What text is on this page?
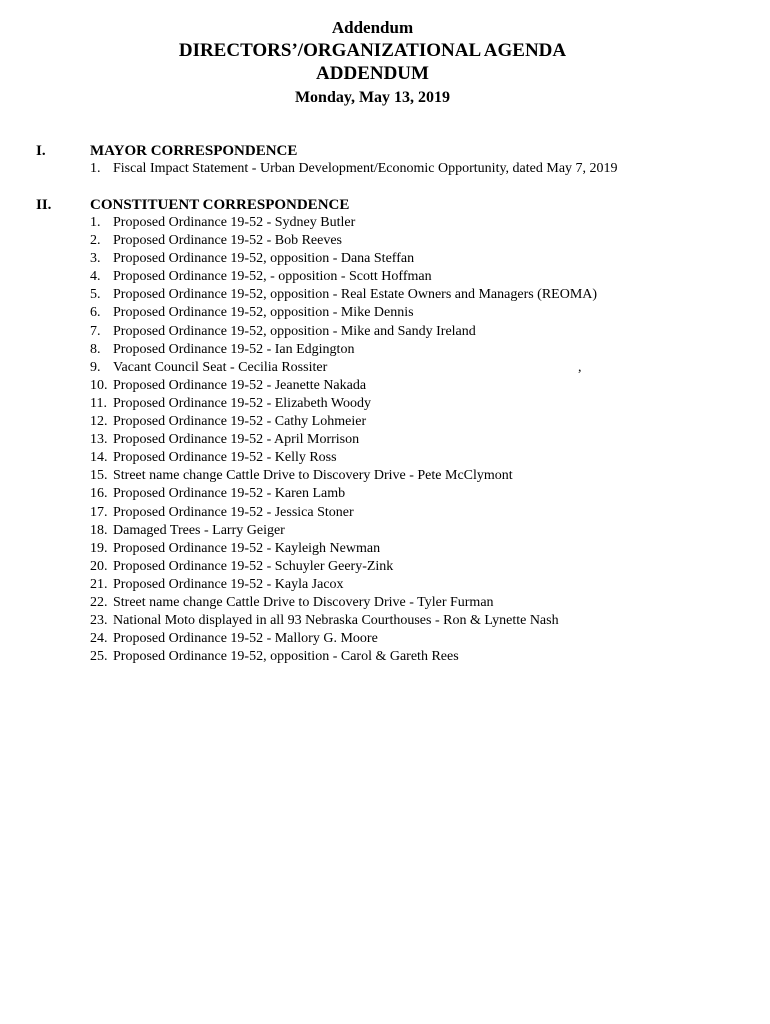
Addendum
DIRECTORS’/ORGANIZATIONAL AGENDA
ADDENDUM
Monday, May 13, 2019
I.	MAYOR CORRESPONDENCE
1. Fiscal Impact Statement - Urban Development/Economic Opportunity, dated May 7, 2019
II.	CONSTITUENT CORRESPONDENCE
1. Proposed Ordinance 19-52 - Sydney Butler
2. Proposed Ordinance 19-52 - Bob Reeves
3. Proposed Ordinance 19-52, opposition - Dana Steffan
4. Proposed Ordinance 19-52, - opposition - Scott Hoffman
5. Proposed Ordinance 19-52, opposition - Real Estate Owners and Managers (REOMA)
6. Proposed Ordinance 19-52, opposition - Mike Dennis
7. Proposed Ordinance 19-52, opposition - Mike and Sandy Ireland
8. Proposed Ordinance 19-52 - Ian Edgington
9. Vacant Council Seat - Cecilia Rossiter	,
10. Proposed Ordinance 19-52 - Jeanette Nakada
11. Proposed Ordinance 19-52 - Elizabeth Woody
12. Proposed Ordinance 19-52 - Cathy Lohmeier
13. Proposed Ordinance 19-52 - April Morrison
14. Proposed Ordinance 19-52 - Kelly Ross
15. Street name change Cattle Drive to Discovery Drive - Pete McClymont
16. Proposed Ordinance 19-52 - Karen Lamb
17. Proposed Ordinance 19-52 - Jessica Stoner
18. Damaged Trees - Larry Geiger
19. Proposed Ordinance 19-52 - Kayleigh Newman
20. Proposed Ordinance 19-52 - Schuyler Geery-Zink
21. Proposed Ordinance 19-52 - Kayla Jacox
22. Street name change Cattle Drive to Discovery Drive - Tyler Furman
23. National Moto displayed in all 93 Nebraska Courthouses - Ron & Lynette Nash
24. Proposed Ordinance 19-52 - Mallory G. Moore
25. Proposed Ordinance 19-52, opposition - Carol & Gareth Rees
